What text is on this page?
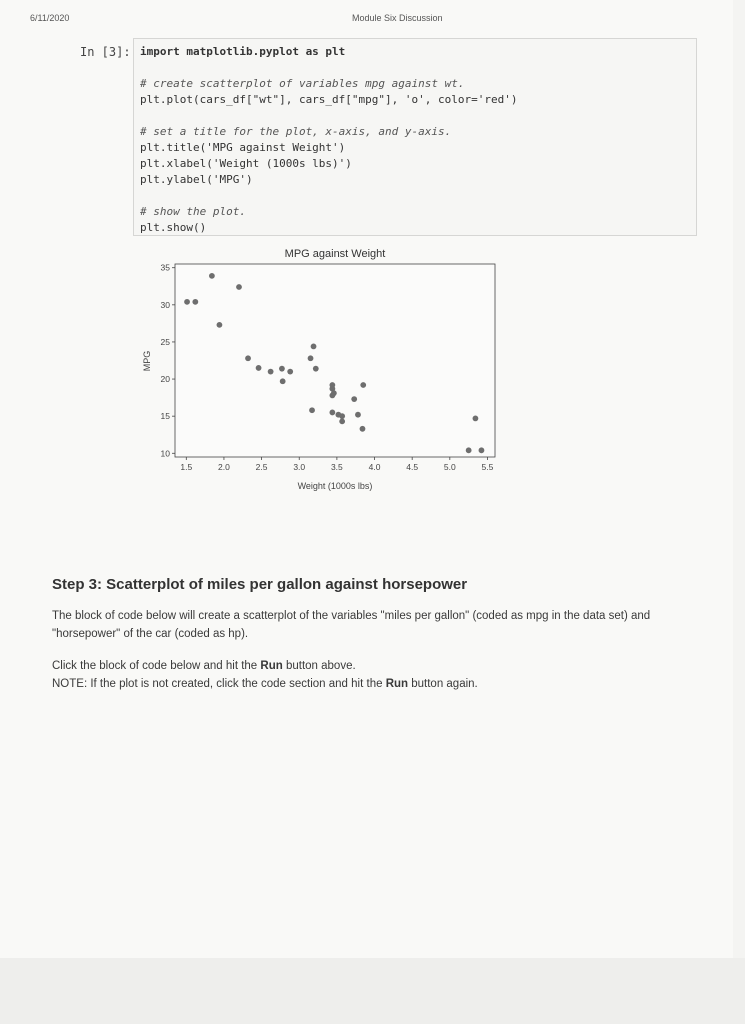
6/11/2020	Module Six Discussion
In [3]: import matplotlib.pyplot as plt
# create scatterplot of variables mpg against wt.
plt.plot(cars_df["wt"], cars_df["mpg"], 'o', color='red')
# set a title for the plot, x-axis, and y-axis.
plt.title('MPG against Weight')
plt.xlabel('Weight (1000s lbs)')
plt.ylabel('MPG')
# show the plot.
plt.show()
MPG against Weight
1.5	2.0	2.5	3.0	3.5	4.0	4.5	5.0	5.5
10
15
20
25
30
35
Weight (1000s lbs)
MPG
Step 3: Scatterplot of miles per gallon against horsepower
The block of code below will create a scatterplot of the variables "miles per gallon" (coded as mpg in the data set) and "horsepower" of the car (coded as hp).
Click the block of code below and hit the Run button above.
NOTE: If the plot is not created, click the code section and hit the Run button again.
